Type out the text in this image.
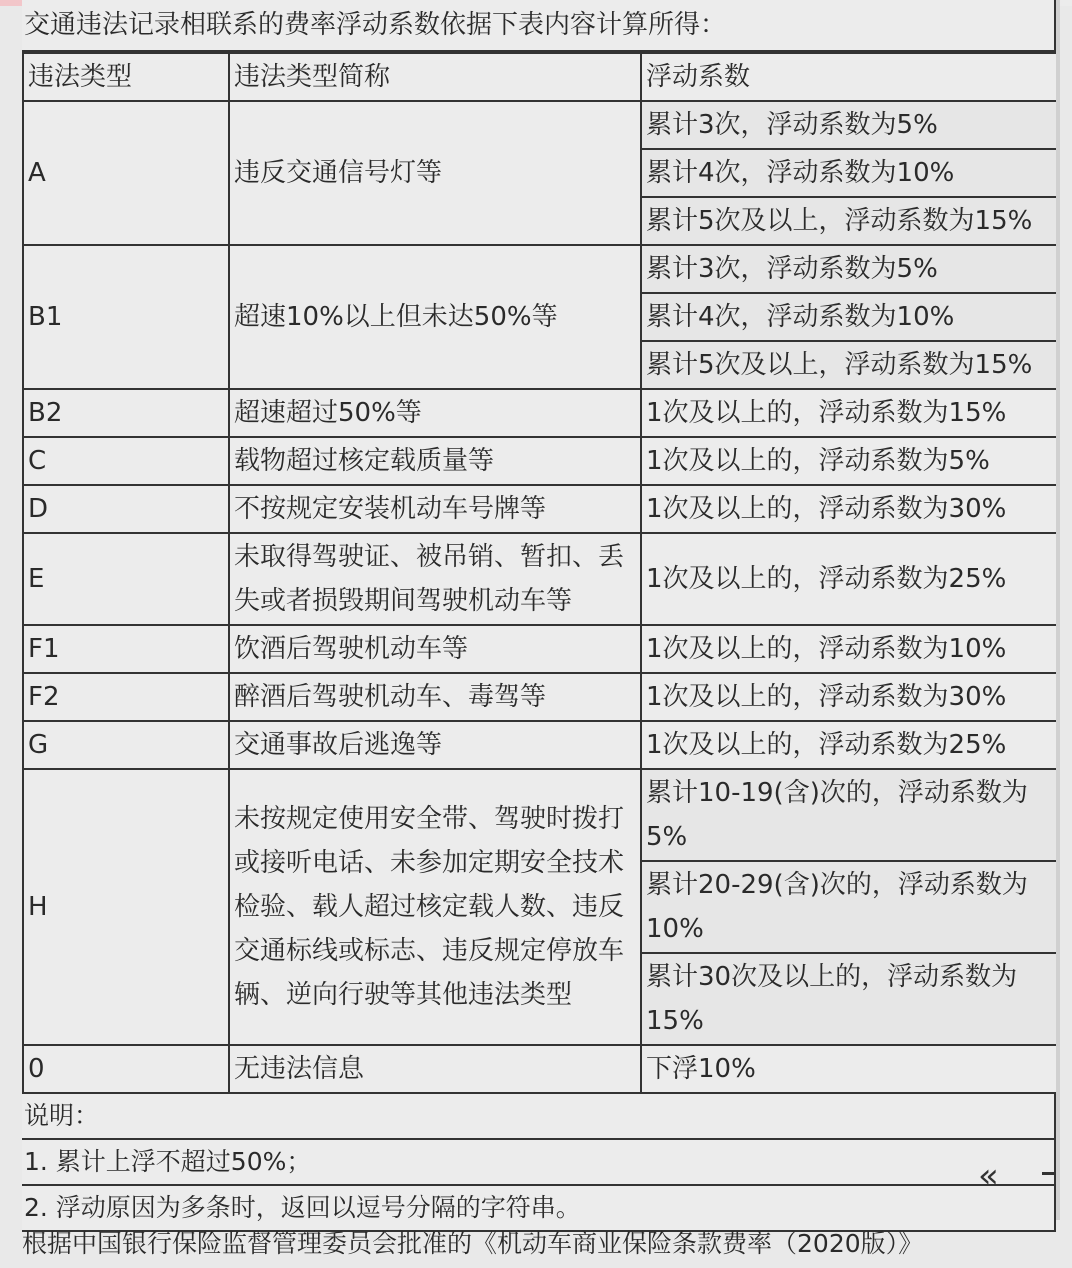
交通违法记录相联系的费率浮动系数依据下表内容计算所得：
违法类型	违法类型简称	浮动系数
A	违反交通信号灯等	累计3次，浮动系数为5%
		累计4次，浮动系数为10%
		累计5次及以上，浮动系数为15%
B1	超速10%以上但未达50%等	累计3次，浮动系数为5%
		累计4次，浮动系数为10%
		累计5次及以上，浮动系数为15%
B2	超速超过50%等	1次及以上的，浮动系数为15%
C	载物超过核定载质量等	1次及以上的，浮动系数为5%
D	不按规定安装机动车号牌等	1次及以上的，浮动系数为30%
E	未取得驾驶证、被吊销、暂扣、丢失或者损毁期间驾驶机动车等	1次及以上的，浮动系数为25%
F1	饮酒后驾驶机动车等	1次及以上的，浮动系数为10%
F2	醉酒后驾驶机动车、毒驾等	1次及以上的，浮动系数为30%
G	交通事故后逃逸等	1次及以上的，浮动系数为25%
H	未按规定使用安全带、驾驶时拨打或接听电话、未参加定期安全技术检验、载人超过核定载人数、违反交通标线或标志、违反规定停放车辆、逆向行驶等其他违法类型	累计10-19(含)次的，浮动系数为5%
		累计20-29(含)次的，浮动系数为10%
		累计30次及以上的，浮动系数为15%
0	无违法信息	下浮10%
说明：
1. 累计上浮不超过50%；
2. 浮动原因为多条时，返回以逗号分隔的字符串。
«
根据中国银行保险监督管理委员会批准的《机动车商业保险条款费率（2020版）》
